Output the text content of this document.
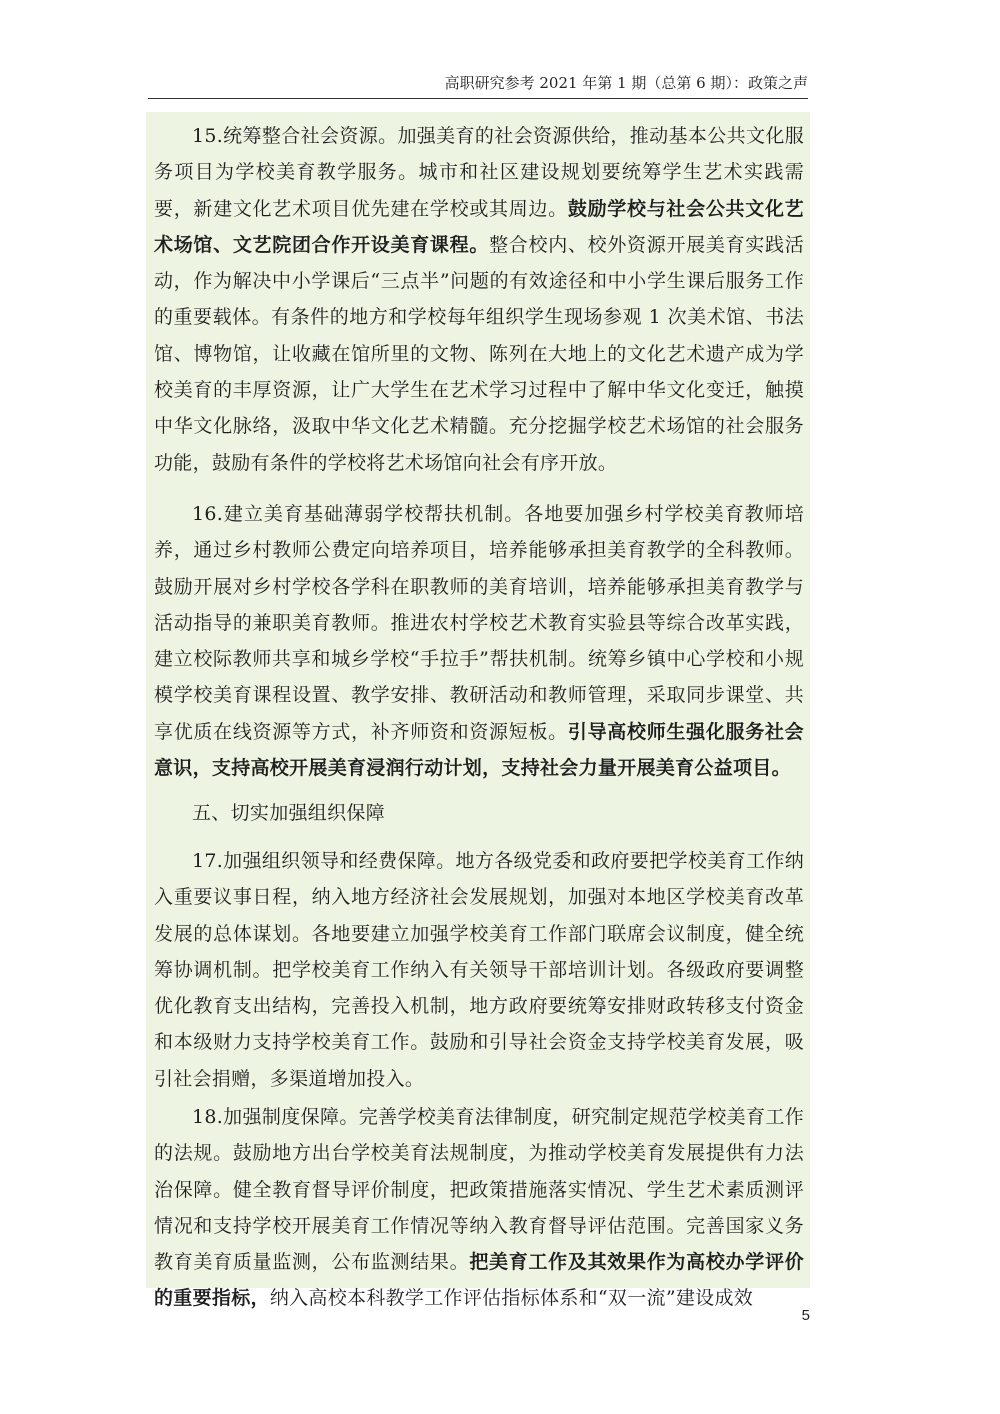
高职研究参考 2021 年第 1 期（总第 6 期）：政策之声

15.统筹整合社会资源。加强美育的社会资源供给，推动基本公共文化服务项目为学校美育教学服务。城市和社区建设规划要统筹学生艺术实践需要，新建文化艺术项目优先建在学校或其周边。鼓励学校与社会公共文化艺术场馆、文艺院团合作开设美育课程。整合校内、校外资源开展美育实践活动，作为解决中小学课后“三点半”问题的有效途径和中小学生课后服务工作的重要载体。有条件的地方和学校每年组织学生现场参观 1 次美术馆、书法馆、博物馆，让收藏在馆所里的文物、陈列在大地上的文化艺术遗产成为学校美育的丰厚资源，让广大学生在艺术学习过程中了解中华文化变迁，触摸中华文化脉络，汲取中华文化艺术精髓。充分挖掘学校艺术场馆的社会服务功能，鼓励有条件的学校将艺术场馆向社会有序开放。

16.建立美育基础薄弱学校帮扶机制。各地要加强乡村学校美育教师培养，通过乡村教师公费定向培养项目，培养能够承担美育教学的全科教师。鼓励开展对乡村学校各学科在职教师的美育培训，培养能够承担美育教学与活动指导的兼职美育教师。推进农村学校艺术教育实验县等综合改革实践，建立校际教师共享和城乡学校“手拉手”帮扶机制。统筹乡镇中心学校和小规模学校美育课程设置、教学安排、教研活动和教师管理，采取同步课堂、共享优质在线资源等方式，补齐师资和资源短板。引导高校师生强化服务社会意识，支持高校开展美育浸润行动计划，支持社会力量开展美育公益项目。

五、切实加强组织保障

17.加强组织领导和经费保障。地方各级党委和政府要把学校美育工作纳入重要议事日程，纳入地方经济社会发展规划，加强对本地区学校美育改革发展的总体谋划。各地要建立加强学校美育工作部门联席会议制度，健全统筹协调机制。把学校美育工作纳入有关领导干部培训计划。各级政府要调整优化教育支出结构，完善投入机制，地方政府要统筹安排财政转移支付资金和本级财力支持学校美育工作。鼓励和引导社会资金支持学校美育发展，吸引社会捐赠，多渠道增加投入。

18.加强制度保障。完善学校美育法律制度，研究制定规范学校美育工作的法规。鼓励地方出台学校美育法规制度，为推动学校美育发展提供有力法治保障。健全教育督导评价制度，把政策措施落实情况、学生艺术素质测评情况和支持学校开展美育工作情况等纳入教育督导评估范围。完善国家义务教育美育质量监测，公布监测结果。把美育工作及其效果作为高校办学评价的重要指标，纳入高校本科教学工作评估指标体系和“双一流”建设成效

5
